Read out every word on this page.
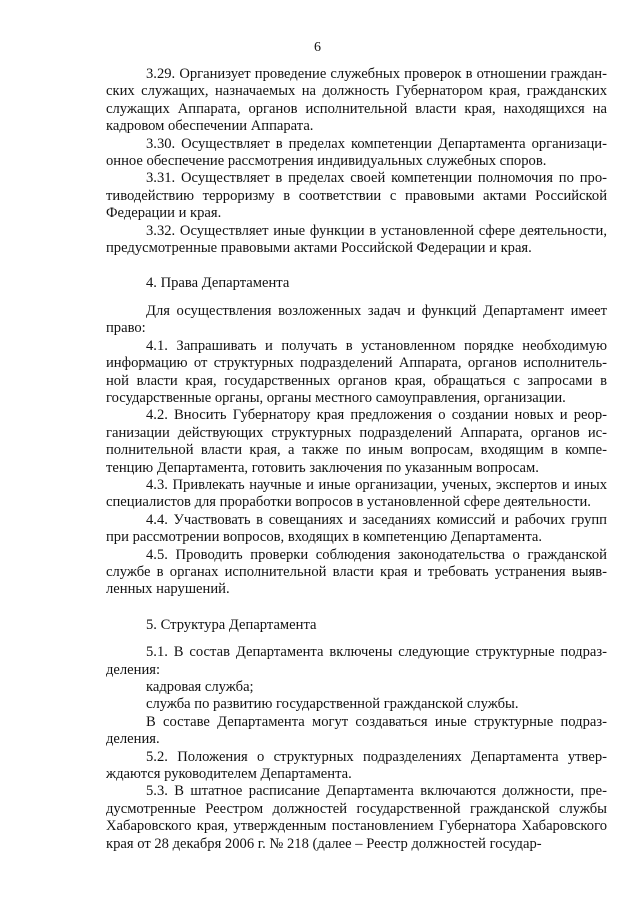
6

3.29. Организует проведение служебных проверок в отношении гражданских служащих, назначаемых на должность Губернатором края, гражданских служащих Аппарата, органов исполнительной власти края, находящихся на кадровом обеспечении Аппарата.

3.30. Осуществляет в пределах компетенции Департамента организационное обеспечение рассмотрения индивидуальных служебных споров.

3.31. Осуществляет в пределах своей компетенции полномочия по противодействию терроризму в соответствии с правовыми актами Российской Федерации и края.

3.32. Осуществляет иные функции в установленной сфере деятельности, предусмотренные правовыми актами Российской Федерации и края.

4. Права Департамента

Для осуществления возложенных задач и функций Департамент имеет право:

4.1. Запрашивать и получать в установленном порядке необходимую информацию от структурных подразделений Аппарата, органов исполнительной власти края, государственных органов края, обращаться с запросами в государственные органы, органы местного самоуправления, организации.

4.2. Вносить Губернатору края предложения о создании новых и реорганизации действующих структурных подразделений Аппарата, органов исполнительной власти края, а также по иным вопросам, входящим в компетенцию Департамента, готовить заключения по указанным вопросам.

4.3. Привлекать научные и иные организации, ученых, экспертов и иных специалистов для проработки вопросов в установленной сфере деятельности.

4.4. Участвовать в совещаниях и заседаниях комиссий и рабочих групп при рассмотрении вопросов, входящих в компетенцию Департамента.

4.5. Проводить проверки соблюдения законодательства о гражданской службе в органах исполнительной власти края и требовать устранения выявленных нарушений.

5. Структура Департамента

5.1. В состав Департамента включены следующие структурные подразделения:

кадровая служба;

служба по развитию государственной гражданской службы.

В составе Департамента могут создаваться иные структурные подразделения.

5.2. Положения о структурных подразделениях Департамента утверждаются руководителем Департамента.

5.3. В штатное расписание Департамента включаются должности, предусмотренные Реестром должностей государственной гражданской службы Хабаровского края, утвержденным постановлением Губернатора Хабаровского края от 28 декабря 2006 г. № 218 (далее – Реестр должностей государ-
